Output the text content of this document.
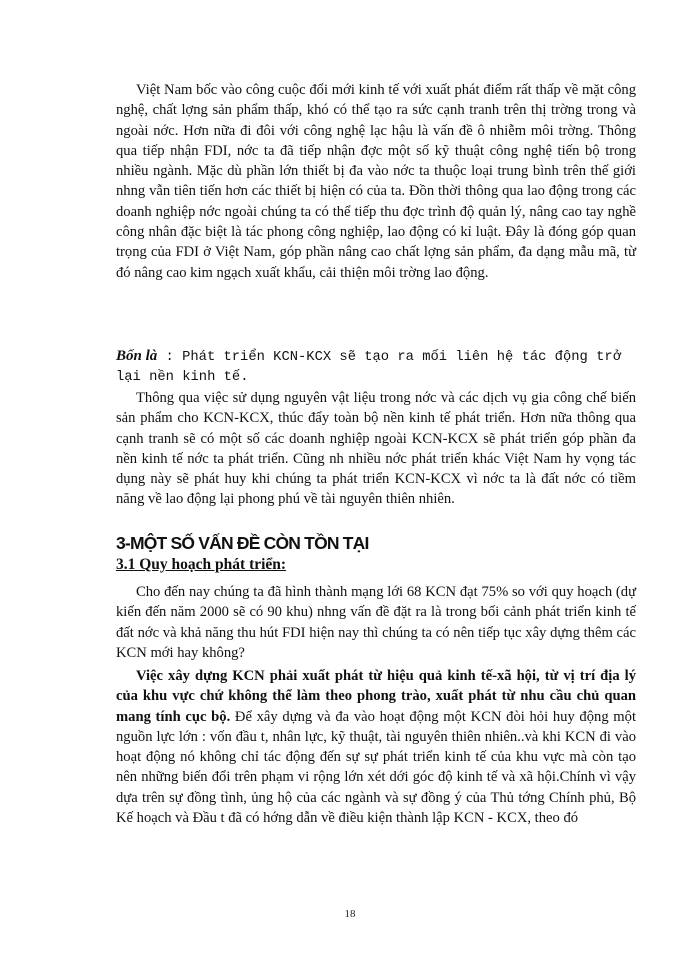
Việt Nam bốc vào công cuộc đổi mới kinh tế với xuất phát điểm rất thấp về mặt công nghệ, chất lợng sản phẩm thấp, khó có thể tạo ra sức cạnh tranh trên thị trờng trong và ngoài nớc. Hơn nữa đi đôi với công nghệ lạc hậu là vấn đề ô nhiễm môi trờng. Thông qua tiếp nhận FDI, nớc ta đã tiếp nhận đợc một số kỹ thuật công nghệ tiến bộ trong nhiều ngành. Mặc dù phần lớn thiết bị đa vào nớc ta thuộc loại trung bình trên thế giới nhng vẫn tiên tiến hơn các thiết bị hiện có của ta. Đồn thời thông qua lao động trong các doanh nghiệp nớc ngoài chúng ta có thể tiếp thu đợc trình độ quản lý, nâng cao tay nghề công nhân đặc biệt là tác phong công nghiệp, lao động có kỉ luật. Đây là đóng góp quan trọng của FDI ở Việt Nam, góp phần nâng cao chất lợng sản phẩm, đa dạng mẫu mã, từ đó nâng cao kim ngạch xuất khẩu, cải thiện môi trờng lao động.

Bốn là : Phát triển KCN-KCX sẽ tạo ra mối liên hệ tác động trở lại nền kinh tế.

Thông qua việc sử dụng nguyên vật liệu trong nớc và các dịch vụ gia công chế biến sản phẩm cho KCN-KCX, thúc đẩy toàn bộ nền kinh tế phát triển. Hơn nữa thông qua cạnh tranh sẽ có một số các doanh nghiệp ngoài KCN-KCX sẽ phát triển góp phần đa nền kinh tế nớc ta phát triển. Cũng nh nhiều nớc phát triển khác Việt Nam hy vọng tác dụng này sẽ phát huy khi chúng ta phát triển KCN-KCX vì nớc ta là đất nớc có tiềm năng về lao động lại phong phú về tài nguyên thiên nhiên.

3-MỘT SỐ VẤN ĐỀ CÒN TỒN TẠI
3.1 Quy hoạch phát triển:

Cho đến nay chúng ta đã hình thành mạng lới 68 KCN đạt 75% so với quy hoạch (dự kiến đến năm 2000 sẽ có 90 khu) nhng vấn đề đặt ra là trong bối cảnh phát triển kinh tế đất nớc và khả năng thu hút FDI hiện nay thì chúng ta có nên tiếp tục xây dựng thêm các KCN mới hay không?

Việc xây dựng KCN phải xuất phát từ hiệu quả kinh tế-xã hội, từ vị trí địa lý của khu vực chứ không thể làm theo phong trào, xuất phát từ nhu cầu chủ quan mang tính cục bộ. Để xây dựng và đa vào hoạt động một KCN đòi hỏi huy động một nguồn lực lớn : vốn đầu t, nhân lực, kỹ thuật, tài nguyên thiên nhiên..và khi KCN đi vào hoạt động nó không chỉ tác động đến sự sự phát triển kinh tế của khu vực mà còn tạo nên những biến đổi trên phạm vi rộng lớn xét dới góc độ kinh tế và xã hội.Chính vì vậy dựa trên sự đồng tình, ủng hộ của các ngành và sự đồng ý của Thủ tớng Chính phủ, Bộ Kế hoạch và Đầu t đã có hớng dẫn về điều kiện thành lập KCN - KCX, theo đó

18
